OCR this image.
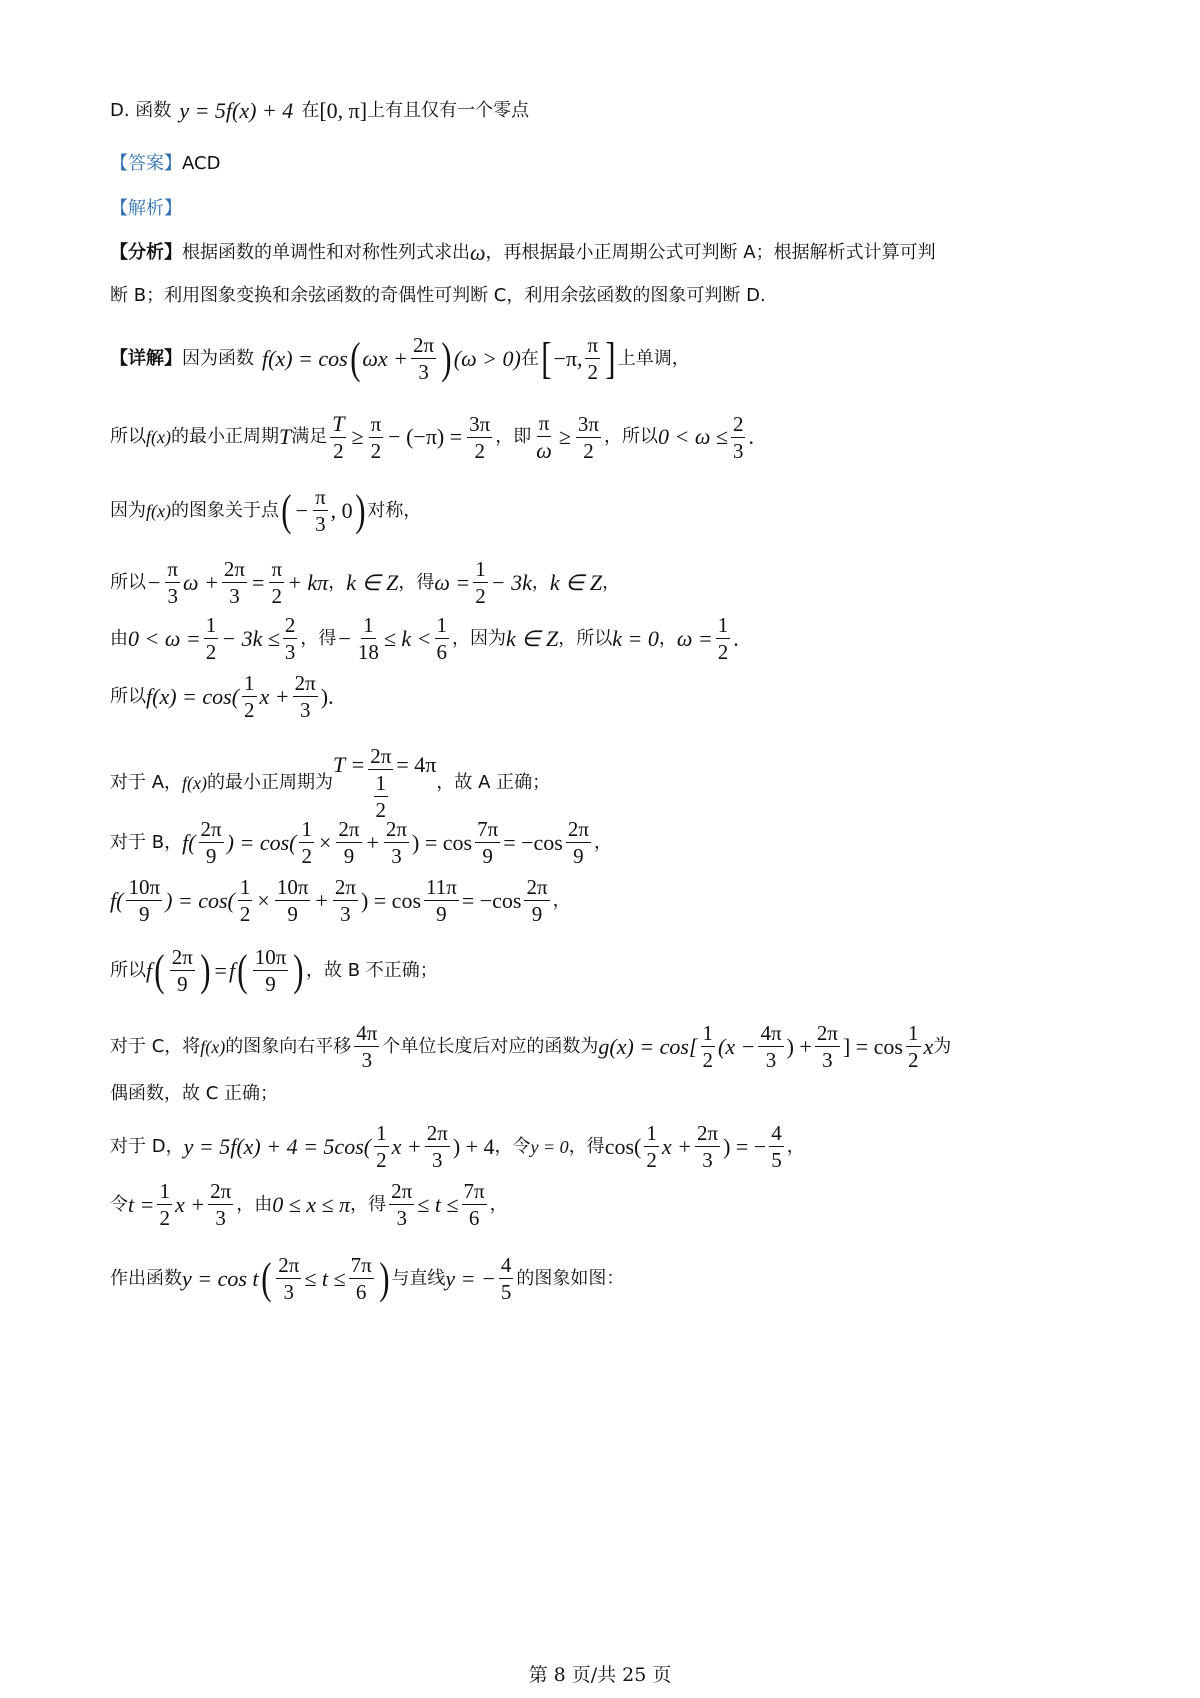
D. 函数 y = 5f(x) + 4 在 [0, π] 上有且仅有一个零点
【答案】 ACD
【解析】
【分析】 根据函数的单调性和对称性列式求出 ω ，再根据最小正周期公式可判断 A；根据解析式计算可判
断 B；利用图象变换和余弦函数的奇偶性可判断 C，利用余弦函数的图象可判断 D.
【详解】 因为函数 f(x) = cos ( $\omega x + \frac{2\pi}{3}$ ) (ω > 0) 在 [ −π, $\frac{\pi}{2}$ ] 上单调，
所以 f(x) 的最小正周期 T 满足 $\frac{T}{2} \ge \frac{\pi}{2} - (-\pi) = \frac{3\pi}{2}$ ，即 $\frac{\pi}{\omega} \ge \frac{3\pi}{2}$ ，所以 $0 < \omega \le \frac{2}{3}$ .
因为 f(x) 的图象关于点 ( − $\frac{\pi}{3}$ , 0 ) 对称，
所以 − $\frac{\pi}{3}$ $\omega + \frac{2\pi}{3} = \frac{\pi}{2} + k\pi$ ， k ∈ Z ，得 $\omega = \frac{1}{2} - 3k$ ， k ∈ Z ，
由 $0 < \omega = \frac{1}{2} - 3k \le \frac{2}{3}$ ，得 − $\frac{1}{18} \le k < \frac{1}{6}$ ，因为 k ∈ Z ，所以 k = 0 ， $\omega = \frac{1}{2}$ .
所以 $f(x) = \cos( \frac{1}{2}$ $x + \frac{2\pi}{3}$ ).
对于 A， f(x) 的最小正周期为
$T = \frac{2\pi}{\frac{1}{2}} = 4\pi$
，故 A 正确；
对于 B， $f( \frac{2\pi}{9}$ ) = $\cos( \frac{1}{2} \times \frac{2\pi}{9} + \frac{2\pi}{3}$ ) = $\cos \frac{7\pi}{9} = -\cos \frac{2\pi}{9}$ ，
$f( \frac{10\pi}{9}$ ) = $\cos( \frac{1}{2} \times \frac{10\pi}{9} + \frac{2\pi}{3}$ ) = $\cos \frac{11\pi}{9} = -\cos \frac{2\pi}{9}$ ，
所以 f ( $\frac{2\pi}{9}$ ) = f ( $\frac{10\pi}{9}$ ) ，故 B 不正确；
对于 C，将 f(x) 的图象向右平移 $\frac{4\pi}{3}$ 个单位长度后对应的函数为 $g(x) = \cos[ \frac{1}{2} (x - \frac{4\pi}{3}$ ) + $\frac{2\pi}{3}$ ] = $\cos \frac{1}{2}$ x 为
偶函数，故 C 正确；
对于 D， $y = 5f(x) + 4 = 5\cos( \frac{1}{2}$ $x + \frac{2\pi}{3}$ ) + 4 ，令 y = 0 ，得 $\cos( \frac{1}{2}$ $x + \frac{2\pi}{3}$ ) = − $\frac{4}{5}$ ，
令 $t = \frac{1}{2}$ $x + \frac{2\pi}{3}$ ，由 0 ≤ x ≤ π ，得 $\frac{2\pi}{3} \le t \le \frac{7\pi}{6}$ ，
作出函数 y = cos t ( $\frac{2\pi}{3} \le t \le \frac{7\pi}{6}$ ) 与直线 y = − $\frac{4}{5}$ 的图象如图：
第 8 页/共 25 页
